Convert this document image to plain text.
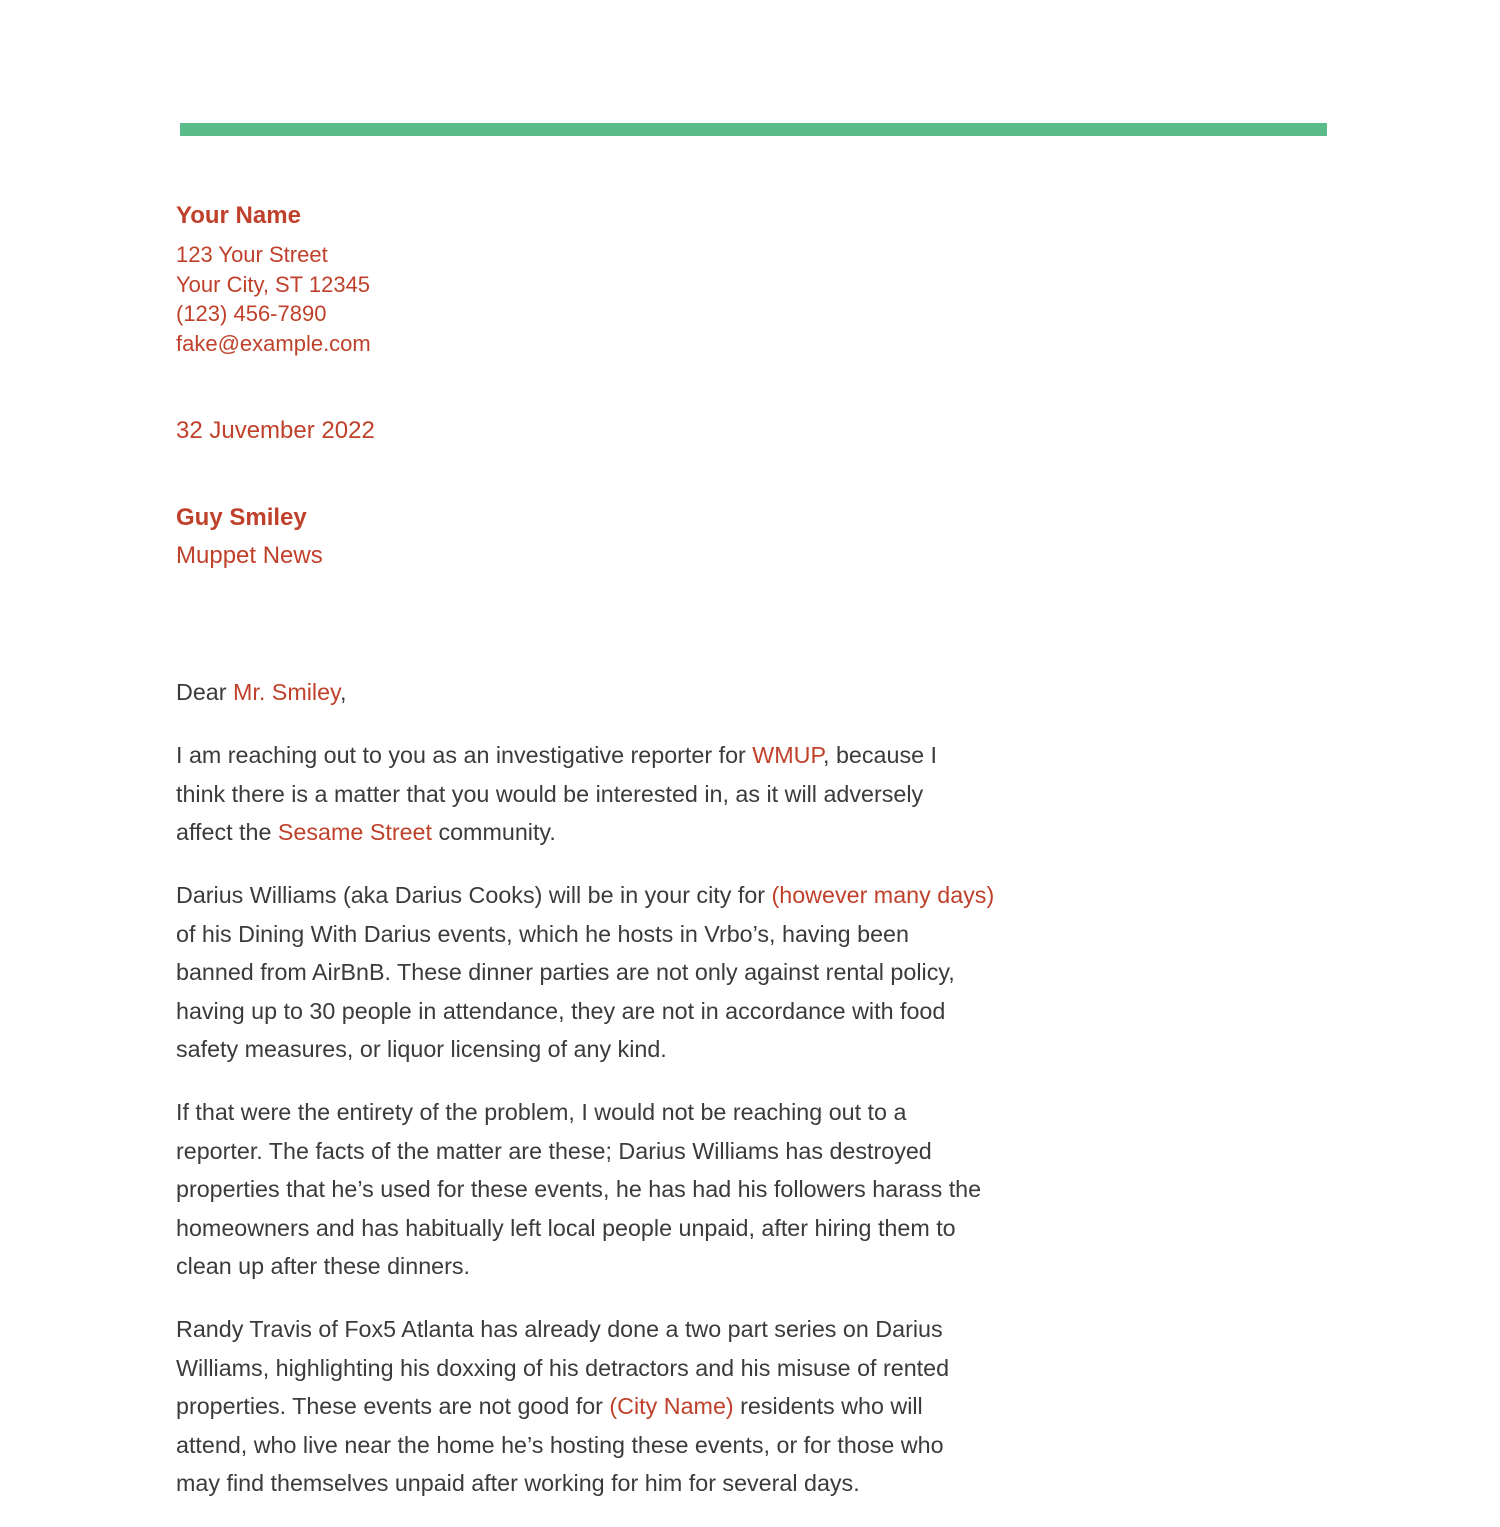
Your Name
123 Your Street
Your City, ST 12345
(123) 456-7890
fake@example.com
32 Juvember 2022
Guy Smiley
Muppet News

Dear Mr. Smiley,

I am reaching out to you as an investigative reporter for WMUP, because I
think there is a matter that you would be interested in, as it will adversely
affect the Sesame Street community.

Darius Williams (aka Darius Cooks) will be in your city for (however many days)
of his Dining With Darius events, which he hosts in Vrbo’s, having been
banned from AirBnB. These dinner parties are not only against rental policy,
having up to 30 people in attendance, they are not in accordance with food
safety measures, or liquor licensing of any kind.

If that were the entirety of the problem, I would not be reaching out to a
reporter. The facts of the matter are these; Darius Williams has destroyed
properties that he’s used for these events, he has had his followers harass the
homeowners and has habitually left local people unpaid, after hiring them to
clean up after these dinners.

Randy Travis of Fox5 Atlanta has already done a two part series on Darius
Williams, highlighting his doxxing of his detractors and his misuse of rented
properties. These events are not good for (City Name) residents who will
attend, who live near the home he’s hosting these events, or for those who
may find themselves unpaid after working for him for several days.
